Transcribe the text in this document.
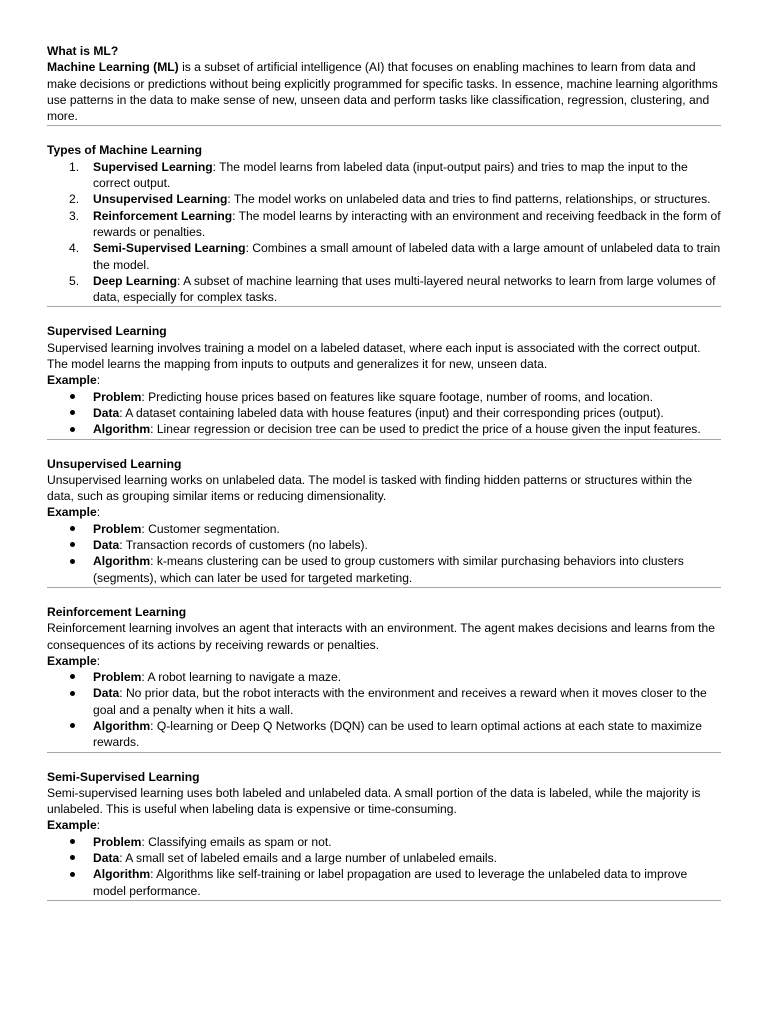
What is ML?

Machine Learning (ML) is a subset of artificial intelligence (AI) that focuses on enabling machines to learn from data and make decisions or predictions without being explicitly programmed for specific tasks. In essence, machine learning algorithms use patterns in the data to make sense of new, unseen data and perform tasks like classification, regression, clustering, and more.

Types of Machine Learning
1.	Supervised Learning: The model learns from labeled data (input-output pairs) and tries to map the input to the correct output.
2.	Unsupervised Learning: The model works on unlabeled data and tries to find patterns, relationships, or structures.
3.	Reinforcement Learning: The model learns by interacting with an environment and receiving feedback in the form of rewards or penalties.
4.	Semi-Supervised Learning: Combines a small amount of labeled data with a large amount of unlabeled data to train the model.
5.	Deep Learning: A subset of machine learning that uses multi-layered neural networks to learn from large volumes of data, especially for complex tasks.
Supervised Learning

Supervised learning involves training a model on a labeled dataset, where each input is associated with the correct output. The model learns the mapping from inputs to outputs and generalizes it for new, unseen data.

Example:

Problem: Predicting house prices based on features like square footage, number of rooms, and location.
Data: A dataset containing labeled data with house features (input) and their corresponding prices (output).
Algorithm: Linear regression or decision tree can be used to predict the price of a house given the input features.
Unsupervised Learning

Unsupervised learning works on unlabeled data. The model is tasked with finding hidden patterns or structures within the data, such as grouping similar items or reducing dimensionality.

Example:

Problem: Customer segmentation.
Data: Transaction records of customers (no labels).
Algorithm: k-means clustering can be used to group customers with similar purchasing behaviors into clusters (segments), which can later be used for targeted marketing.
Reinforcement Learning

Reinforcement learning involves an agent that interacts with an environment. The agent makes decisions and learns from the consequences of its actions by receiving rewards or penalties.

Example:

Problem: A robot learning to navigate a maze.
Data: No prior data, but the robot interacts with the environment and receives a reward when it moves closer to the goal and a penalty when it hits a wall.
Algorithm: Q-learning or Deep Q Networks (DQN) can be used to learn optimal actions at each state to maximize rewards.
Semi-Supervised Learning

Semi-supervised learning uses both labeled and unlabeled data. A small portion of the data is labeled, while the majority is unlabeled. This is useful when labeling data is expensive or time-consuming.

Example:

Problem: Classifying emails as spam or not.
Data: A small set of labeled emails and a large number of unlabeled emails.
Algorithm: Algorithms like self-training or label propagation are used to leverage the unlabeled data to improve model performance.
